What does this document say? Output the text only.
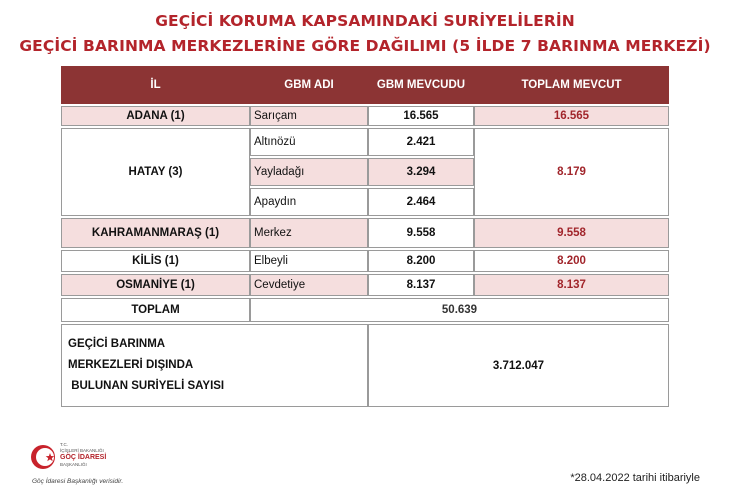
GEÇİCİ KORUMA KAPSAMINDAKİ SURİYELİLERİN
GEÇİCİ BARINMA MERKEZLERİNE GÖRE DAĞILIMI (5 İLDE 7 BARINMA MERKEZİ)
İL	GBM ADI	GBM MEVCUDU	TOPLAM MEVCUT
ADANA (1)	Sarıçam	16.565	16.565
HATAY (3)	Altınözü	2.421	8.179
	Yayladağı	3.294	
	Apaydın	2.464	
KAHRAMANMARAŞ (1)	Merkez	9.558	9.558
KİLİS (1)	Elbeyli	8.200	8.200
OSMANİYE (1)	Cevdetiye	8.137	8.137
TOPLAM	50.639		

GEÇİCİ BARINMA
MERKEZLERİ DIŞINDA
BULUNAN SURİYELİ SAYISI		3.712.047	
T.C.
İÇİŞLERİ BAKANLIĞI
GÖÇ İDARESİ
BAŞKANLIĞI
Göç İdaresi Başkanlığı verisidir.	*28.04.2022 tarihi itibariyle
